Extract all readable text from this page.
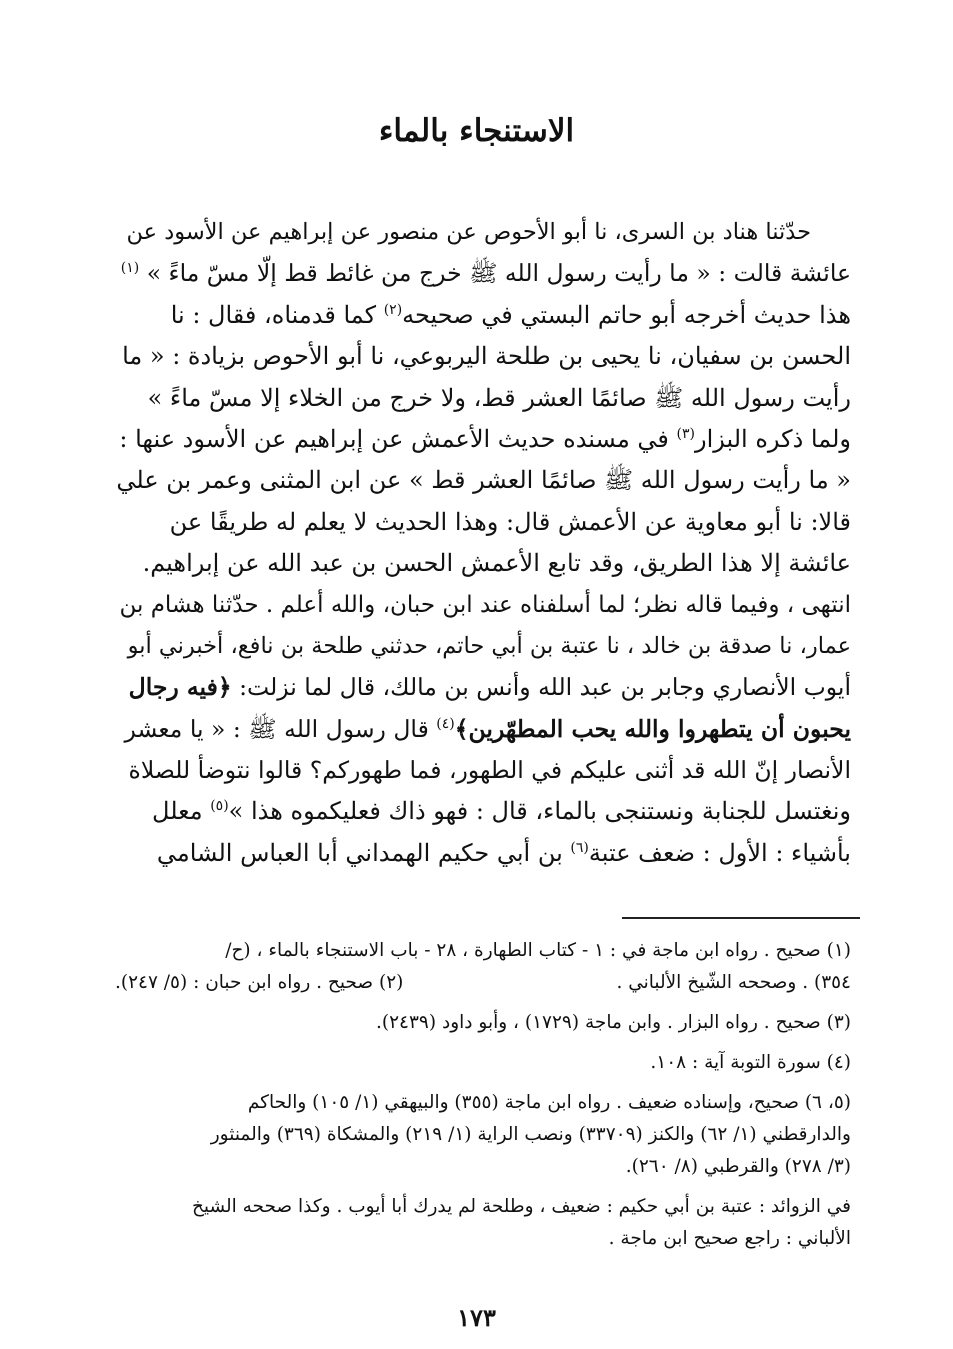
الاستنجاء بالماء
حدّثنا هناد بن السرى، نا أبو الأحوص عن منصور عن إبراهيم عن الأسود عن
عائشة قالت : « ما رأيت رسول الله ﷺ خرج من غائط قط إلّا مسّ ماءً » $^{(١)}$
هذا حديث أخرجه أبو حاتم البستي في صحيحه$^{(٢)}$ كما قدمناه، فقال : نا
الحسن بن سفيان، نا يحيى بن طلحة اليربوعي، نا أبو الأحوص بزيادة : « ما
رأيت رسول الله ﷺ صائمًا العشر قط، ولا خرج من الخلاء إلا مسّ ماءً »
ولما ذكره البزار$^{(٣)}$ في مسنده حديث الأعمش عن إبراهيم عن الأسود عنها :
« ما رأيت رسول الله ﷺ صائمًا العشر قط » عن ابن المثنى وعمر بن علي
قالا: نا أبو معاوية عن الأعمش قال: وهذا الحديث لا يعلم له طريقًا عن
عائشة إلا هذا الطريق، وقد تابع الأعمش الحسن بن عبد الله عن إبراهيم.
انتهى ، وفيما قاله نظر؛ لما أسلفناه عند ابن حبان، والله أعلم . حدّثنا هشام بن
عمار، نا صدقة بن خالد ، نا عتبة بن أبي حاتم، حدثني طلحة بن نافع، أخبرني أبو
أيوب الأنصاري وجابر بن عبد الله وأنس بن مالك، قال لما نزلت: ﴿فيه رجال
يحبون أن يتطهروا والله يحب المطهّرين﴾$^{(٤)}$ قال رسول الله ﷺ : « يا معشر
الأنصار إنّ الله قد أثنى عليكم في الطهور، فما طهوركم؟ قالوا نتوضأ للصلاة
ونغتسل للجنابة ونستنجى بالماء، قال : فهو ذاك فعليكموه هذا »$^{(٥)}$ معلل
بأشياء : الأول : ضعف عتبة$^{(٦)}$ بن أبي حكيم الهمداني أبا العباس الشامي
(١) صحيح . رواه ابن ماجة في : ١ - كتاب الطهارة ، ٢٨ - باب الاستنجاء بالماء ، (ح/
٣٥٤) . وصححه الشّيخ الألباني .
(٢) صحيح . رواه ابن حبان : (٥/ ٢٤٧).
(٣) صحيح . رواه البزار . وابن ماجة (١٧٢٩) ، وأبو داود (٢٤٣٩).
(٤) سورة التوبة آية : ١٠٨.
(٥، ٦) صحيح، وإسناده ضعيف . رواه ابن ماجة (٣٥٥) والبيهقي (١/ ١٠٥) والحاكم
والدارقطني (١/ ٦٢) والكنز (٣٣٧٠٩) ونصب الراية (١/ ٢١٩) والمشكاة (٣٦٩) والمنثور
(٣/ ٢٧٨) والقرطبي (٨/ ٢٦٠).
في الزوائد : عتبة بن أبي حكيم : ضعيف ، وطلحة لم يدرك أبا أيوب . وكذا صححه الشيخ
الألباني : راجع صحيح ابن ماجة .
١٧٣
